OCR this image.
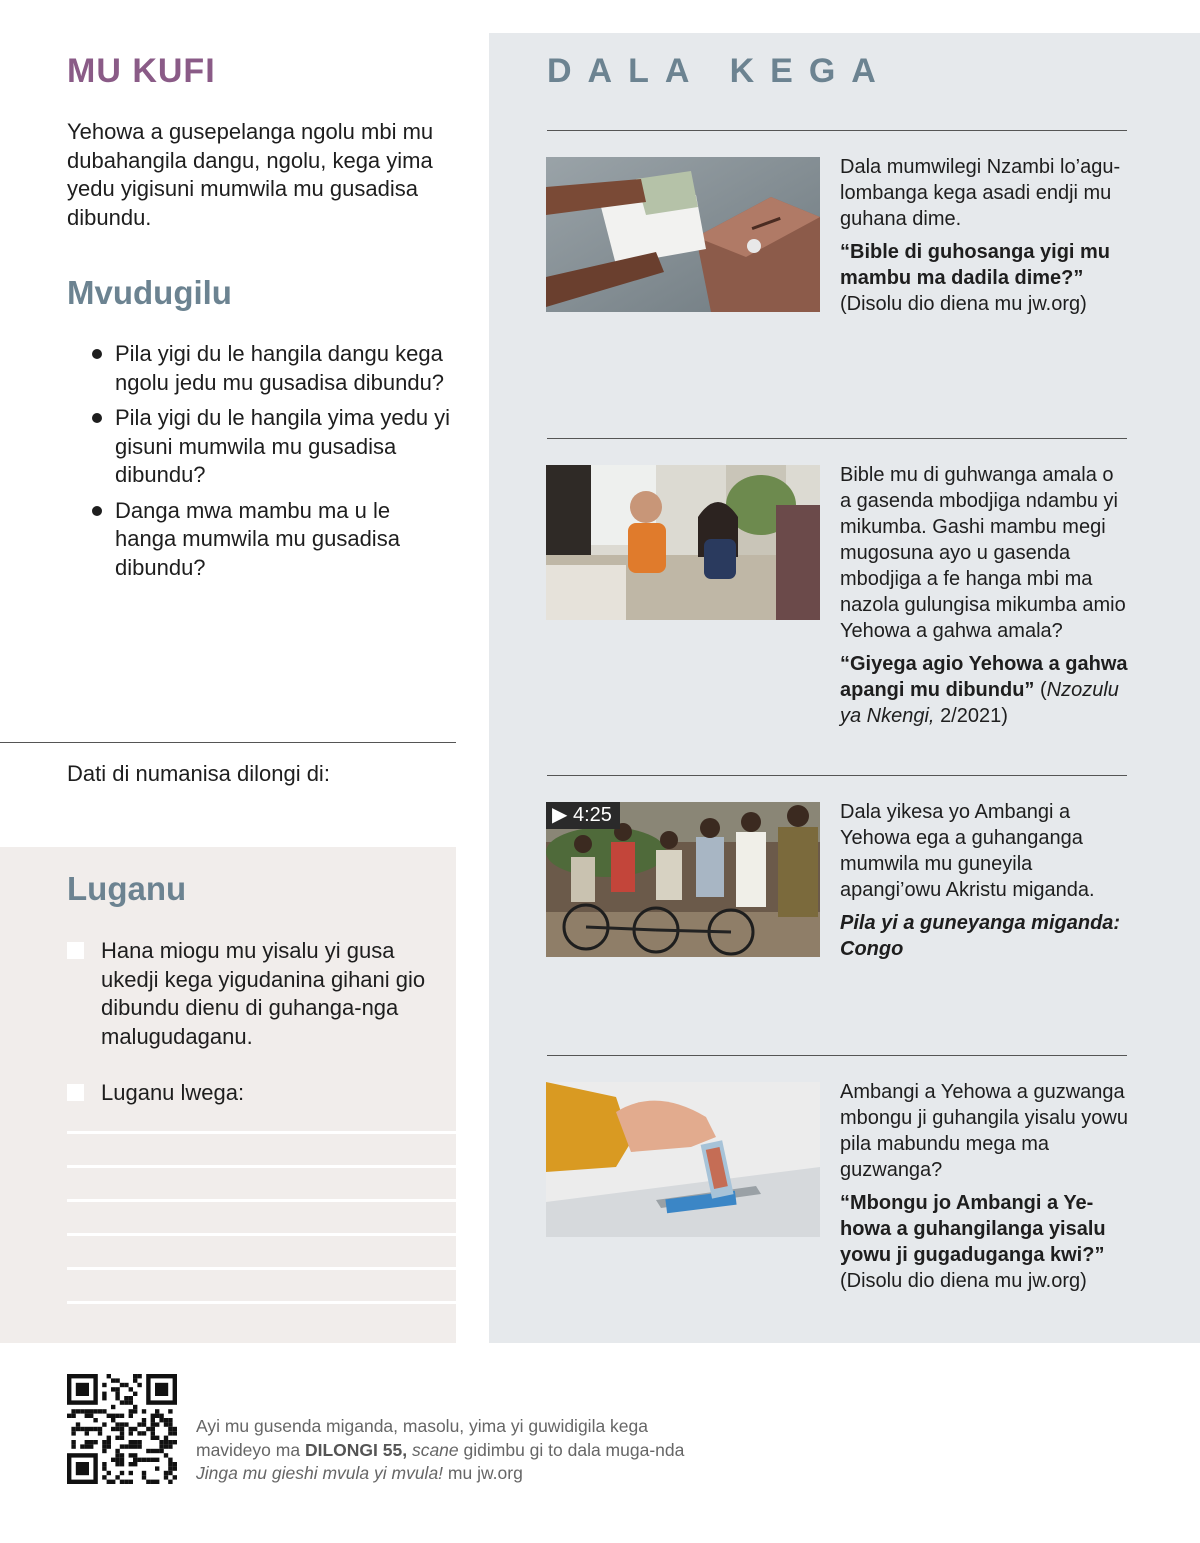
MU KUFI

Yehowa a gusepelanga ngolu mbi mu dubahangila dangu, ngolu, kega yima yedu yigisuni mumwila mu gusadisa dibundu.

Mvudugilu
Pila yigi du le hangila dangu kega ngolu jedu mu gusadisa dibundu?
Pila yigi du le hangila yima yedu yi gisuni mumwila mu gusadisa dibundu?
Danga mwa mambu ma u le hanga mumwila mu gusadisa dibundu?

Dati di numanisa dilongi di:

Luganu
Hana miogu mu yisalu yi gusa ukedji kega yigudanina gihani gio dibundu dienu di guhanga-nga malugudaganu.
Luganu lwega:
DALA KEGA

Dala mumwilegi Nzambi lo’agu-lombanga kega asadi endji mu guhana dime.

“Bible di guhosanga yigi mu mambu ma dadila dime?”
(Disolu dio diena mu jw.org)

Bible mu di guhwanga amala o a gasenda mbodjiga ndambu yi mikumba. Gashi mambu megi mugosuna ayo u gasenda mbodjiga a fe hanga mbi ma nazola gulungisa mikumba amio Yehowa a gahwa amala?

“Giyega agio Yehowa a gahwa apangi mu dibundu” (Nzozulu ya Nkengi, 2/2021)

▶ 4:25	Dala yikesa yo Ambangi a Yehowa ega a guhanganga mumwila mu guneyila apangi’owu Akristu miganda.

Pila yi a guneyanga miganda: Congo

Ambangi a Yehowa a guzwanga mbongu ji guhangila yisalu yowu pila mabundu mega ma guzwanga?

“Mbongu jo Ambangi a Ye-howa a guhangilanga yisalu yowu ji gugaduganga kwi?”
(Disolu dio diena mu jw.org)

Ayi mu gusenda miganda, masolu, yima yi guwidigila kega mavideyo ma DILONGI 55, scane gidimbu gi to dala muga-nda Jinga mu gieshi mvula yi mvula! mu jw.org
